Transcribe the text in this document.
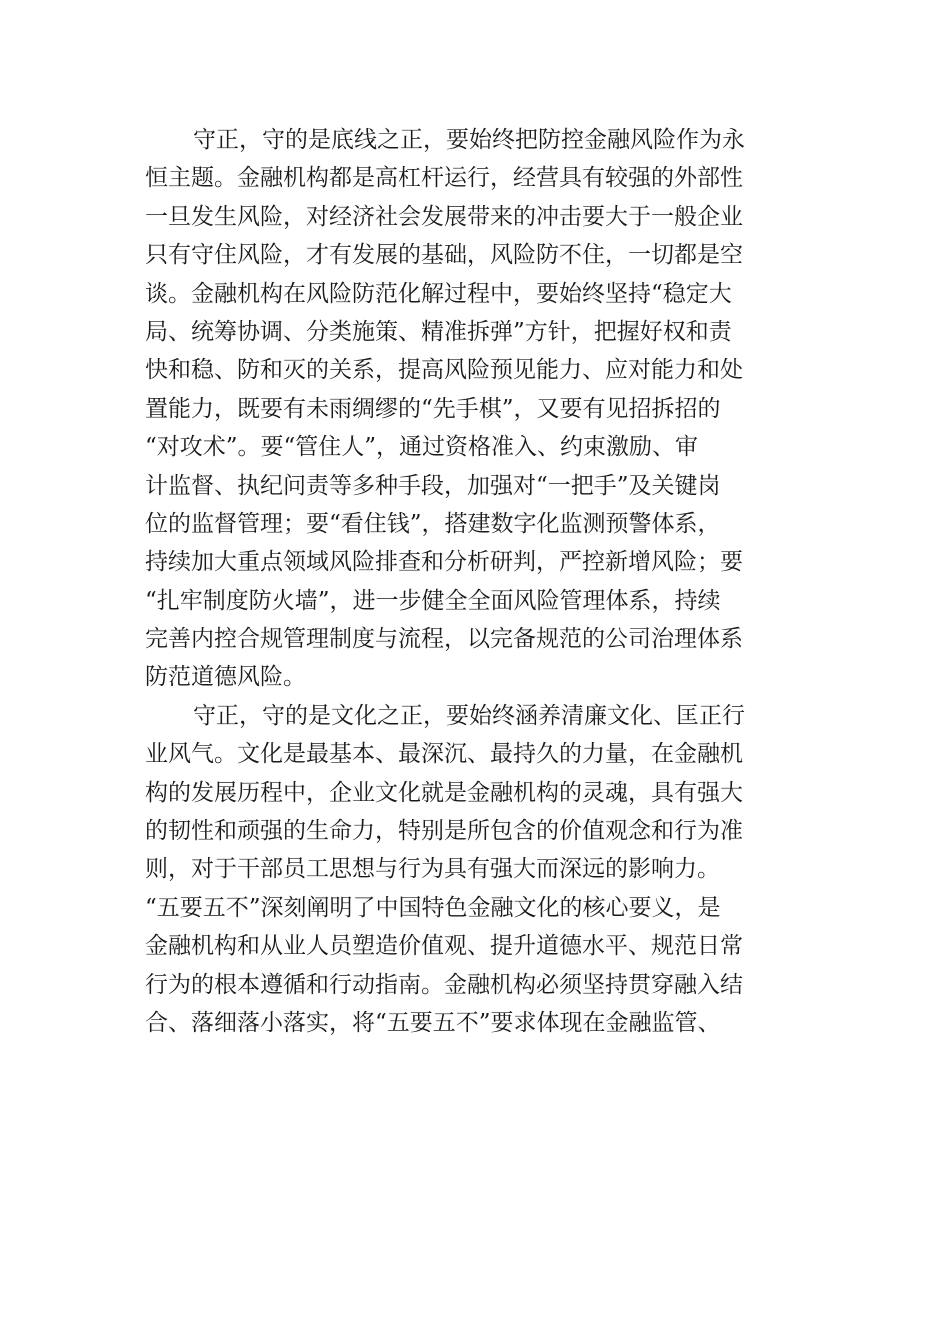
守正，守的是底线之正，要始终把防控金融风险作为永
恒主题。金融机构都是高杠杆运行，经营具有较强的外部性
一旦发生风险，对经济社会发展带来的冲击要大于一般企业
只有守住风险，才有发展的基础，风险防不住，一切都是空
谈。金融机构在风险防范化解过程中，要始终坚持“稳定大
局、统筹协调、分类施策、精准拆弹”方针，把握好权和责
快和稳、防和灭的关系，提高风险预见能力、应对能力和处
置能力，既要有未雨绸缪的“先手棋”，又要有见招拆招的
“对攻术”。要“管住人”，通过资格准入、约束激励、审
计监督、执纪问责等多种手段，加强对“一把手”及关键岗
位的监督管理；要“看住钱”，搭建数字化监测预警体系，
持续加大重点领域风险排查和分析研判，严控新增风险；要
“扎牢制度防火墙”，进一步健全全面风险管理体系，持续
完善内控合规管理制度与流程，以完备规范的公司治理体系
防范道德风险。
守正，守的是文化之正，要始终涵养清廉文化、匡正行
业风气。文化是最基本、最深沉、最持久的力量，在金融机
构的发展历程中，企业文化就是金融机构的灵魂，具有强大
的韧性和顽强的生命力，特别是所包含的价值观念和行为准
则，对于干部员工思想与行为具有强大而深远的影响力。
“五要五不”深刻阐明了中国特色金融文化的核心要义，是
金融机构和从业人员塑造价值观、提升道德水平、规范日常
行为的根本遵循和行动指南。金融机构必须坚持贯穿融入结
合、落细落小落实，将“五要五不”要求体现在金融监管、
